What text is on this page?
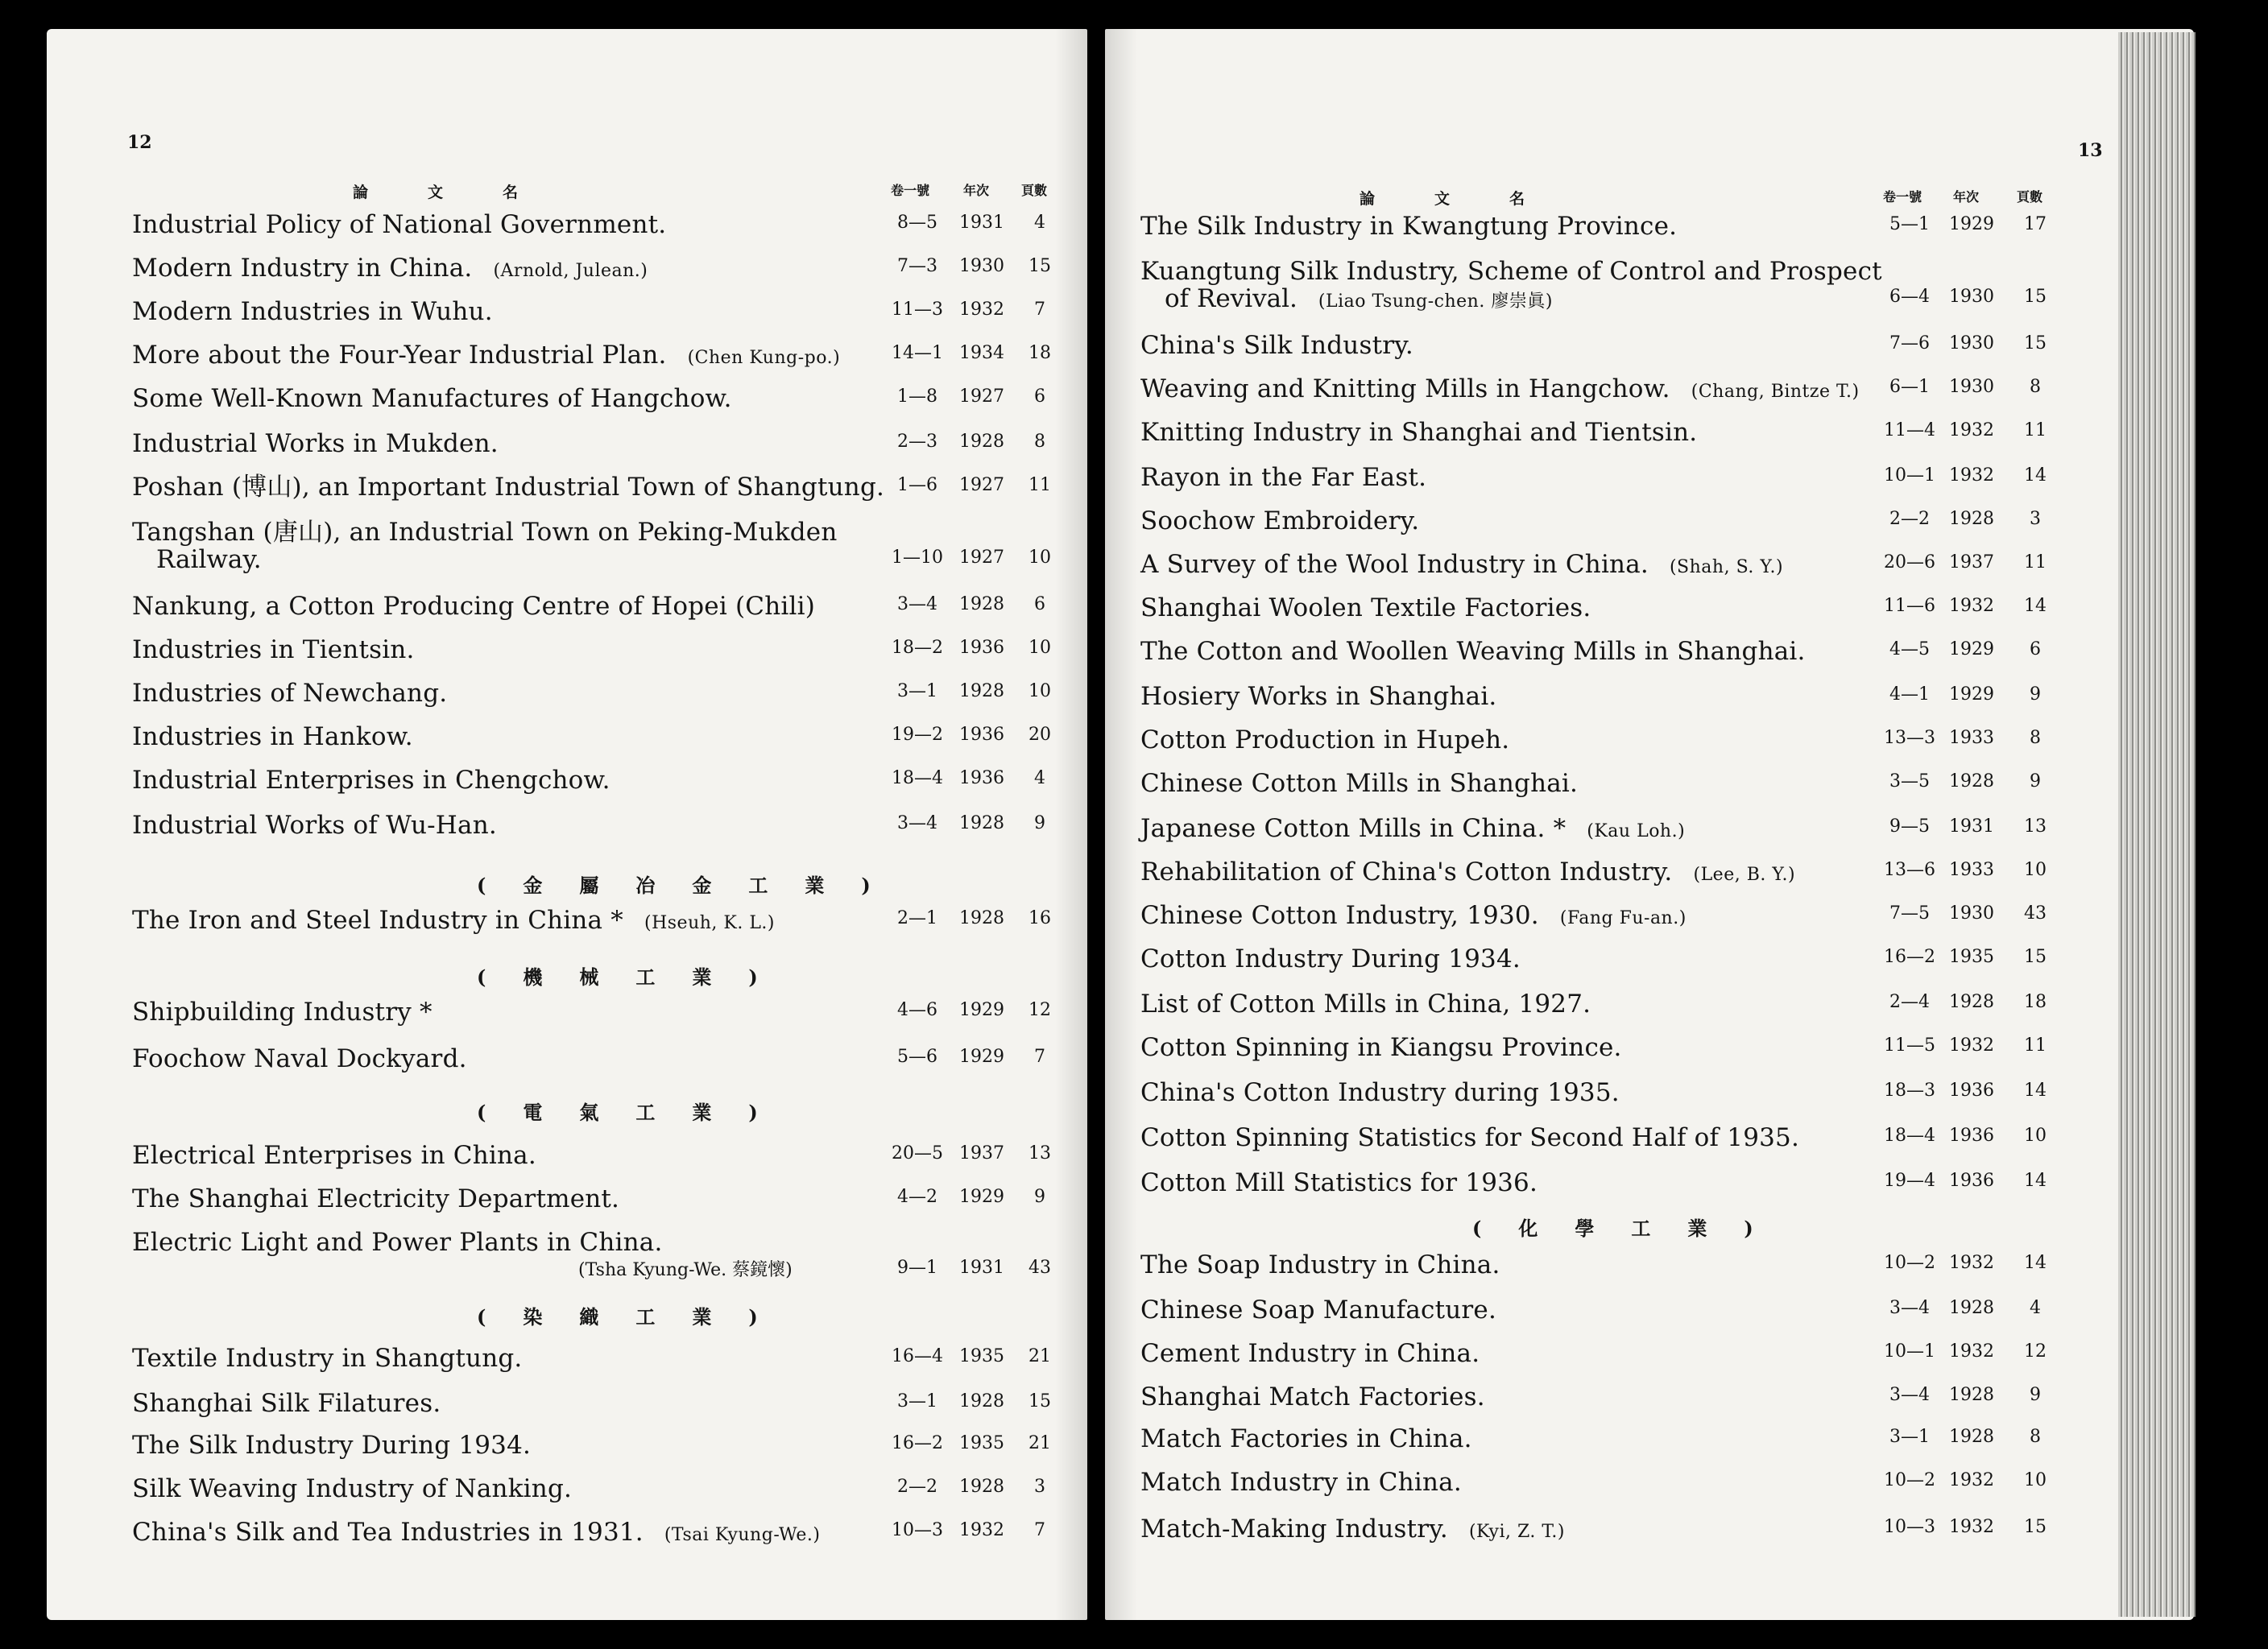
12
論文名	卷一號	年次 頁數
Industrial Policy of National Government.	8—5	1931	4
Modern Industry in China. (Arnold, Julean.)	7—3	1930	15
Modern Industries in Wuhu.	11—3 1932	7
More about the Four-Year Industrial Plan. (Chen Kung-po.)	14—1 1934	18
Some Well-Known Manufactures of Hangchow.	1—8	1927	6
Industrial Works in Mukden.	2—3	1928	8
Poshan (博山), an Important Industrial Town of Shangtung. 1—6	1927	11
Tangshan (唐山), an Industrial Town on Peking-Mukden
Railway.	1—10 1927	10
Nankung, a Cotton Producing Centre of Hopei (Chili)	3—4	1928	6
Industries in Tientsin.	18—2 1936	10
Industries of Newchang.	3—1	1928	10
Industries in Hankow.	19—2 1936	20
Industrial Enterprises in Chengchow.	18—4 1936	4
Industrial Works of Wu-Han.	3—4	1928	9
(金屬冶金工業)
The Iron and Steel Industry in China * (Hseuh, K. L.)	2—1	1928	16
(機械工業)
Shipbuilding Industry *	4—6	1929	12
Foochow Naval Dockyard.	5—6	1929	7
(電氣工業)
Electrical Enterprises in China.	20—5 1937	13
The Shanghai Electricity Department.	4—2	1929	9
Electric Light and Power Plants in China.
(Tsha Kyung-We. 蔡鏡懷)	9—1	1931	43
(染織工業)
Textile Industry in Shangtung.	16—4 1935	21
Shanghai Silk Filatures.	3—1	1928	15
The Silk Industry During 1934.	16—2 1935	21
Silk Weaving Industry of Nanking.	2—2	1928	3
China's Silk and Tea Industries in 1931. (Tsai Kyung-We.)	10—3 1932	7
13
論文名	卷一號 年次	頁數
The Silk Industry in Kwangtung Province.	5—1	1929	17
Kuangtung Silk Industry, Scheme of Control and Prospect
of Revival. (Liao Tsung-chen. 廖崇眞)	6—4	1930	15
China's Silk Industry.	7—6	1930	15
Weaving and Knitting Mills in Hangchow. (Chang, Bintze T.)	6—1	1930	8
Knitting Industry in Shanghai and Tientsin.	11—4 1932	11
Rayon in the Far East.	10—1 1932	14
Soochow Embroidery.	2—2	1928	3
A Survey of the Wool Industry in China. (Shah, S. Y.)	20—6 1937	11
Shanghai Woolen Textile Factories.	11—6 1932	14
The Cotton and Woollen Weaving Mills in Shanghai.	4—5	1929	6
Hosiery Works in Shanghai.	4—1	1929	9
Cotton Production in Hupeh.	13—3 1933	8
Chinese Cotton Mills in Shanghai.	3—5	1928	9
Japanese Cotton Mills in China. * (Kau Loh.)	9—5	1931	13
Rehabilitation of China's Cotton Industry. (Lee, B. Y.)	13—6 1933	10
Chinese Cotton Industry, 1930. (Fang Fu-an.)	7—5	1930	43
Cotton Industry During 1934.	16—2 1935	15
List of Cotton Mills in China, 1927.	2—4	1928	18
Cotton Spinning in Kiangsu Province.	11—5 1932	11
China's Cotton Industry during 1935.	18—3 1936	14
Cotton Spinning Statistics for Second Half of 1935.	18—4 1936	10
Cotton Mill Statistics for 1936.	19—4 1936	14
(化學工業)
The Soap Industry in China.	10—2 1932	14
Chinese Soap Manufacture.	3—4	1928	4
Cement Industry in China.	10—1 1932	12
Shanghai Match Factories.	3—4	1928	9
Match Factories in China.	3—1	1928	8
Match Industry in China.	10—2 1932	10
Match-Making Industry. (Kyi, Z. T.)	10—3 1932	15
